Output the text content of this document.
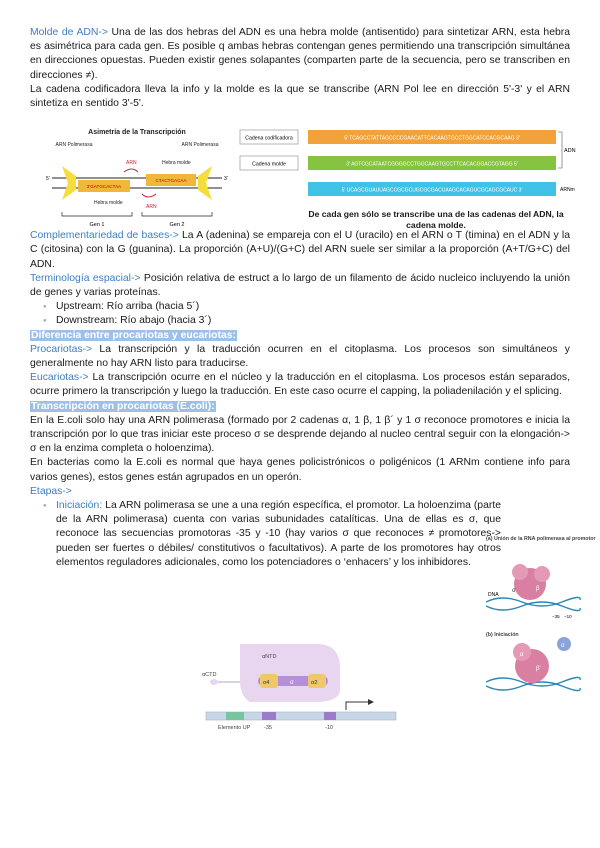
Molde de ADN-> Una de las dos hebras del ADN es una hebra molde (antisentido) para sintetizar ARN, esta hebra es asimétrica para cada gen. Es posible q ambas hebras contengan genes permitiendo una transcripción simultánea en direcciones opuestas. Pueden existir genes solapantes (comparten parte de la secuencia, pero se transcriben en direcciones ≠).

La cadena codificadora lleva la info y la molde es la que se transcribe (ARN Pol lee en dirección 5'-3' y el ARN sintetiza en sentido 3'-5'.

Complementariedad de bases-> La A (adenina) se empareja con el U (uracilo) en el ARN o T (timina) en el ADN y la C (citosina) con la G (guanina). La proporción (A+U)/(G+C) del ARN suele ser similar a la proporción (A+T/G+C) del ADN.

Terminología espacial-> Posición relativa de estruct a lo largo de un filamento de ácido nucleico incluyendo la unión de genes y varias proteínas.

● Upstream: Río arriba (hacia 5´)
● Downstream: Río abajo (hacia 3´)

Diferencia entre procariotas y eucariotas:

Procariotas-> La transcripción y la traducción ocurren en el citoplasma. Los procesos son simultáneos y generalmente no hay ARN listo para traducirse.

Eucariotas-> La transcripción ocurre en el núcleo y la traducción en el citoplasma. Los procesos están separados, ocurre primero la transcripción y luego la traducción. En este caso ocurre el capping, la poliadenilación y el splicing.

Transcripción en procariotas (E.coli):

En la E.coli solo hay una ARN polimerasa (formado por 2 cadenas α, 1 β, 1 β´ y 1 σ reconoce promotores e inicia la transcripción por lo que tras iniciar este proceso σ se desprende dejando al nucleo central seguir con la elongación-> σ en la enzima completa o holoenzima).

En bacterias como la E.coli es normal que haya genes policistrónicos o poligénicos (1 ARNm contiene info para varios genes), estos genes están agrupados en un operón.

Etapas->

● Iniciación: La ARN polimerasa se une a una región específica, el promotor. La holoenzima (parte de la ARN polimerasa) cuenta con varias subunidades catalíticas. Una de ellas es σ, que reconoce las secuencias promotoras -35 y -10 (hay varios σ que reconoces ≠ promotores-> pueden ser fuertes o débiles/ constitutivos o facultativos). A parte de los promotores hay otros elementos reguladores adicionales, como los potenciadores o ‘enhacers’ y los inhibidores.

Asimetría de la Transcripción
ARN Polimerasa	ARN Polimerasa
Hebra molde
5'	3'
3'GATGCACTAA
CTACTGACAA
ARN
ARN
Hebra molde
Gen 1	Gen 2
Cadena codificadora
Cadena molde
5' TCAGCCTATTAGCCCCGAACATTCACAAGTGCCTGGCATCCACGCAAG 3'
3' AGTCGCATAATCGGGGCCTGGCAAGTGCCTTCACACGGACCGTAGG 5'
5' UCAGCGUAUUAGCCGCGCUGCGCGACUAAGCACAGUCGCAGCGCAUC 3'
ADN
ARNm
De cada gen sólo se transcribe una de las cadenas del ADN, la cadena molde.
(a) Unión de la RNA polimerasa al promotor
DNA
β
σ
−35 −10
(b) Iniciación
σ
β'
α
αNTD
αCTD
σ4	σ	σ2
Elemento UP -35	-10
